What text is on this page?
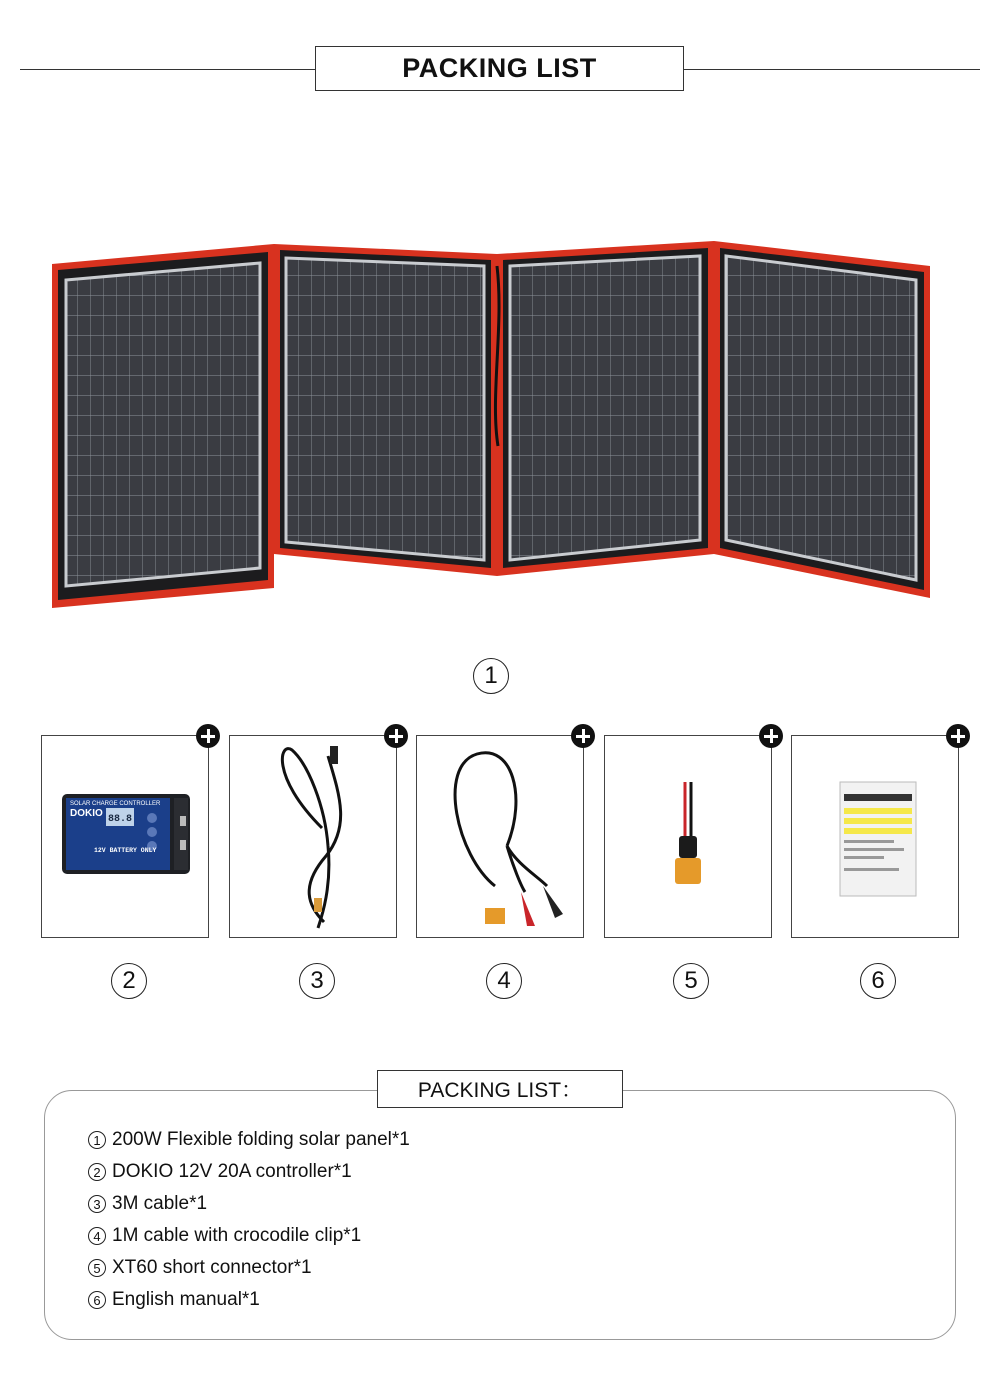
PACKING LIST
1
SOLAR CHARGE CONTROLLER
DOKIO
88.8
12V BATTERY ONLY
2	3	4	5	6
PACKING LIST：
1 200W Flexible folding solar panel*1
2 DOKIO 12V 20A controller*1
3 3M cable*1
4 1M cable with crocodile clip*1
5 XT60 short connector*1
6 English manual*1
